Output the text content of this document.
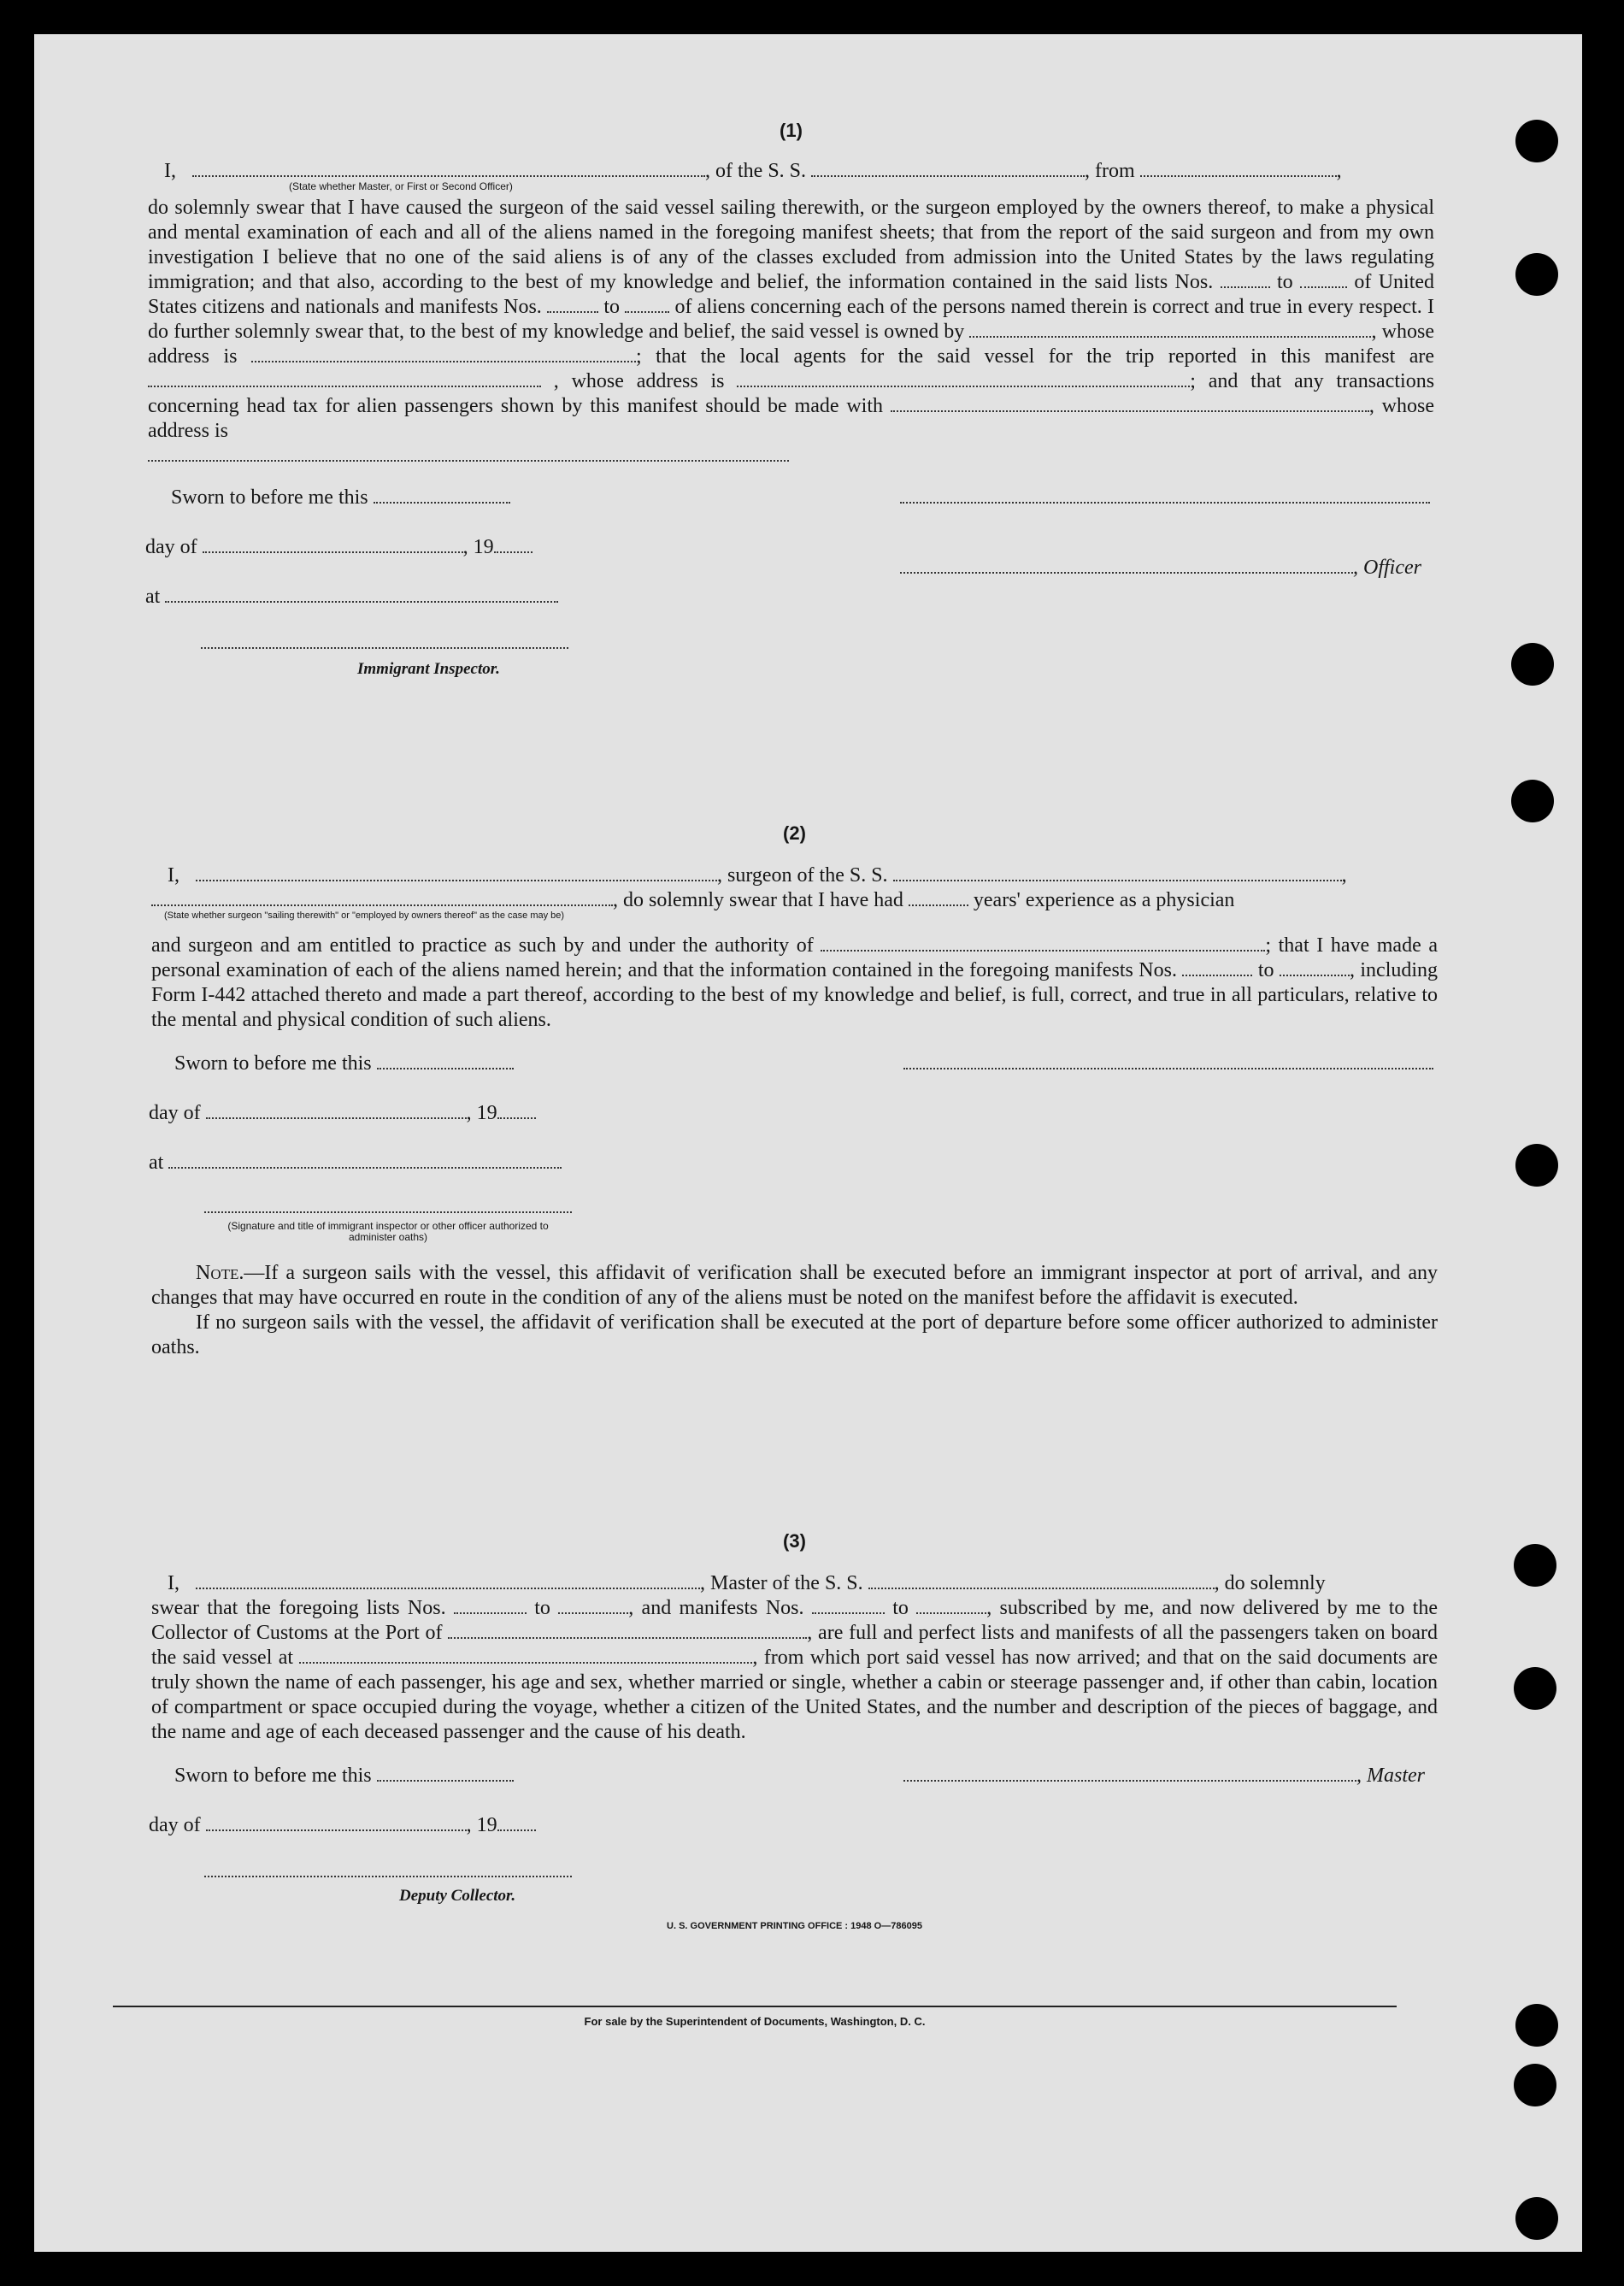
(1)
I,	, of the S. S.	, from	,
(State whether Master, or First or Second Officer)
do solemnly swear that I have caused the surgeon of the said vessel sailing therewith, or the surgeon employed by the owners thereof, to make a physical and mental examination of each and all of the aliens named in the foregoing manifest sheets; that from the report of the said surgeon and from my own investigation I believe that no one of the said aliens is of any of the classes excluded from admission into the United States by the laws regulating immigration; and that also, according to the best of my knowledge and belief, the information contained in the said lists Nos.	to	of United States citizens and nationals and manifests Nos.	to	of aliens concerning each of the persons named therein is correct and true in every respect. I do further solemnly swear that, to the best of my knowledge and belief, the said vessel is owned by	, whose address is	; that the local agents for the said vessel for the trip reported in this manifest are  , whose address is	; and that any transactions concerning head tax for alien passengers shown by this manifest should be made with	, whose address is
Sworn to before me this
day of	, 19
, Officer
at
Immigrant Inspector.
(2)
I,	, surgeon of the S. S.	,
, do solemnly swear that I have had	years' experience as a physician
(State whether surgeon "sailing therewith" or "employed by owners thereof" as the case may be)
and surgeon and am entitled to practice as such by and under the authority of	; that I have made a personal examination of each of the aliens named herein; and that the information contained in the foregoing manifests Nos.	to	, including Form I-442 attached thereto and made a part thereof, according to the best of my knowledge and belief, is full, correct, and true in all particulars, relative to the mental and physical condition of such aliens.
Sworn to before me this
day of	, 19
at
(Signature and title of immigrant inspector or other officer authorized to administer oaths)
Note.—If a surgeon sails with the vessel, this affidavit of verification shall be executed before an immigrant inspector at port of arrival, and any changes that may have occurred en route in the condition of any of the aliens must be noted on the manifest before the affidavit is executed.
If no surgeon sails with the vessel, the affidavit of verification shall be executed at the port of departure before some officer authorized to administer oaths.
(3)
I,	, Master of the S. S.	, do solemnly
swear that the foregoing lists Nos.	to	, and manifests Nos.	to	, subscribed by me, and now delivered by me to the Collector of Customs at the Port of	, are full and perfect lists and manifests of all the passengers taken on board the said vessel at	, from which port said vessel has now arrived; and that on the said documents are truly shown the name of each passenger, his age and sex, whether married or single, whether a cabin or steerage passenger and, if other than cabin, location of compartment or space occupied during the voyage, whether a citizen of the United States, and the number and description of the pieces of baggage, and the name and age of each deceased passenger and the cause of his death.
Sworn to before me this	, Master
day of	, 19
Deputy Collector.
U. S. GOVERNMENT PRINTING OFFICE : 1948 O—786095
For sale by the Superintendent of Documents, Washington, D. C.
